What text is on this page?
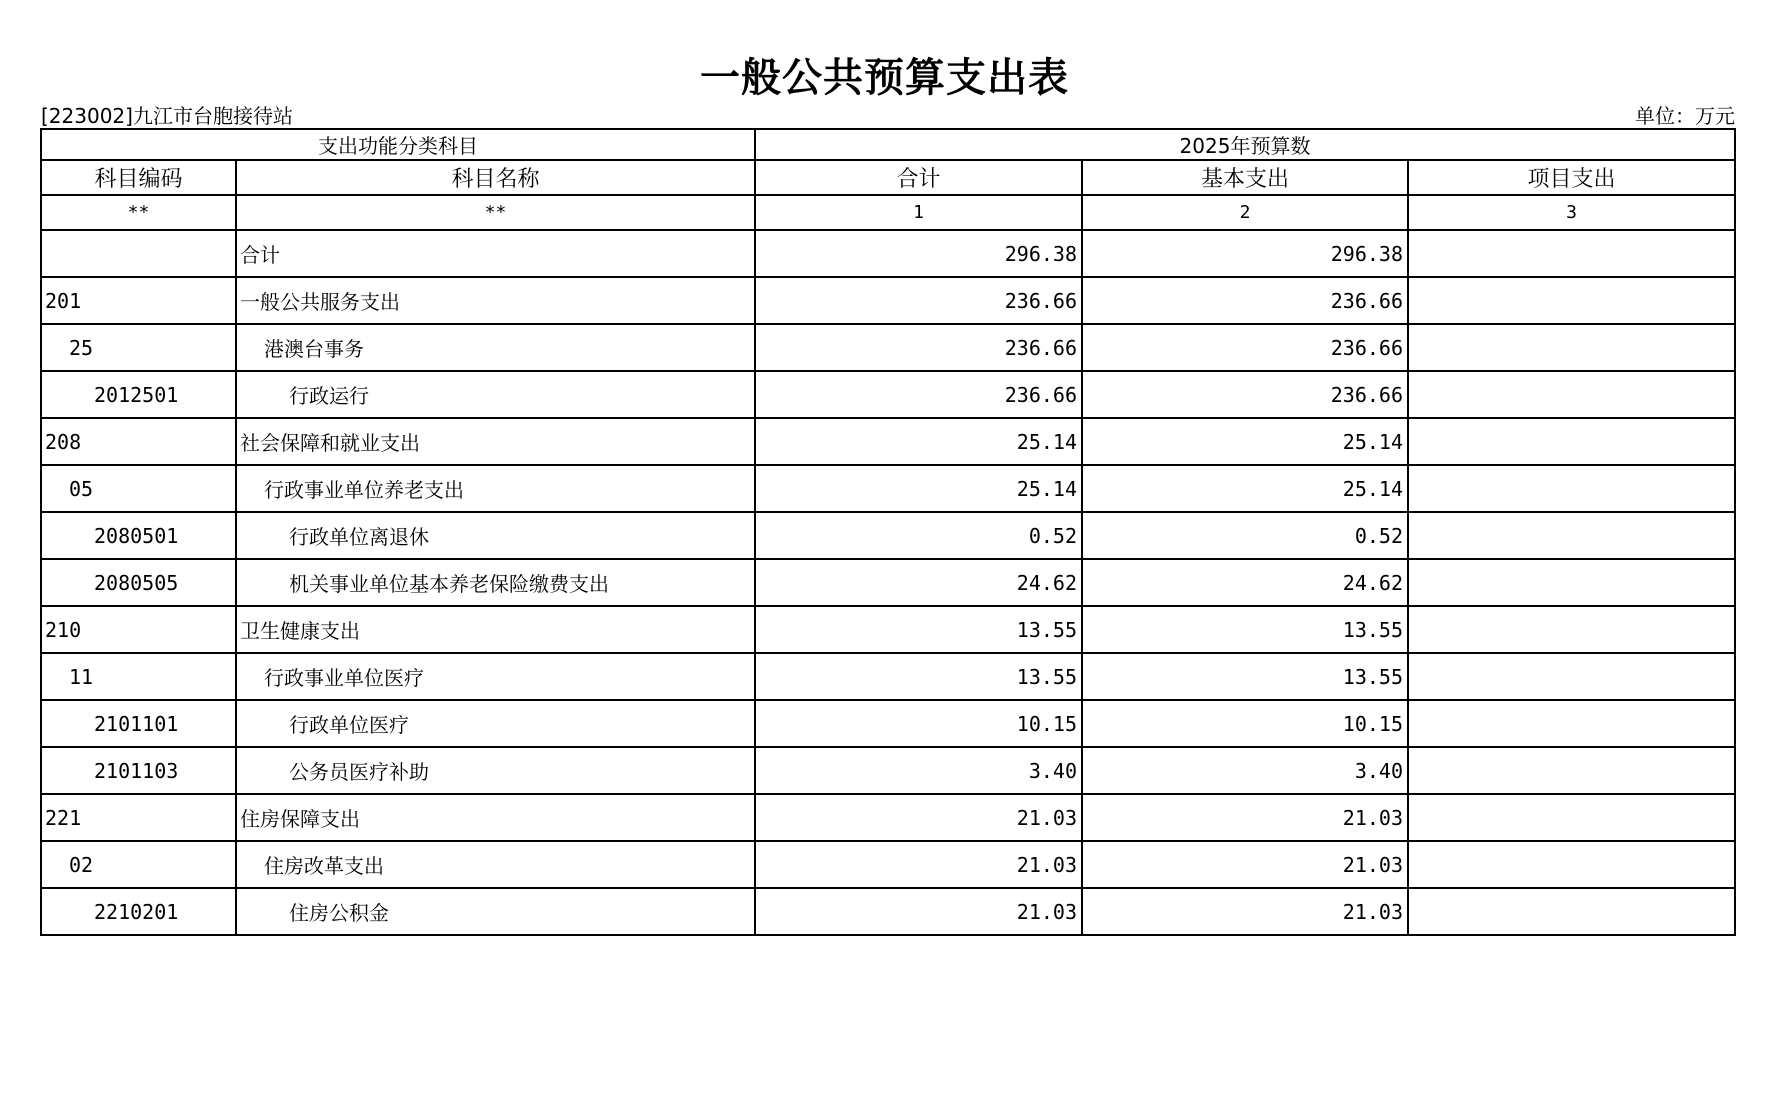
一般公共预算支出表
[223002]九江市台胞接待站	单位：万元
支出功能分类科目		2025年预算数		
科目编码	科目名称	合计	基本支出	项目支出
**	**	1	2	3
	合计	296.38	296.38	
201	一般公共服务支出	236.66	236.66	
25	港澳台事务	236.66	236.66	
2012501	行政运行	236.66	236.66	
208	社会保障和就业支出	25.14	25.14	
05	行政事业单位养老支出	25.14	25.14	
2080501	行政单位离退休	0.52	0.52	
2080505	机关事业单位基本养老保险缴费支出	24.62	24.62	
210	卫生健康支出	13.55	13.55	
11	行政事业单位医疗	13.55	13.55	
2101101	行政单位医疗	10.15	10.15	
2101103	公务员医疗补助	3.40	3.40	
221	住房保障支出	21.03	21.03	
02	住房改革支出	21.03	21.03	
2210201	住房公积金	21.03	21.03	
